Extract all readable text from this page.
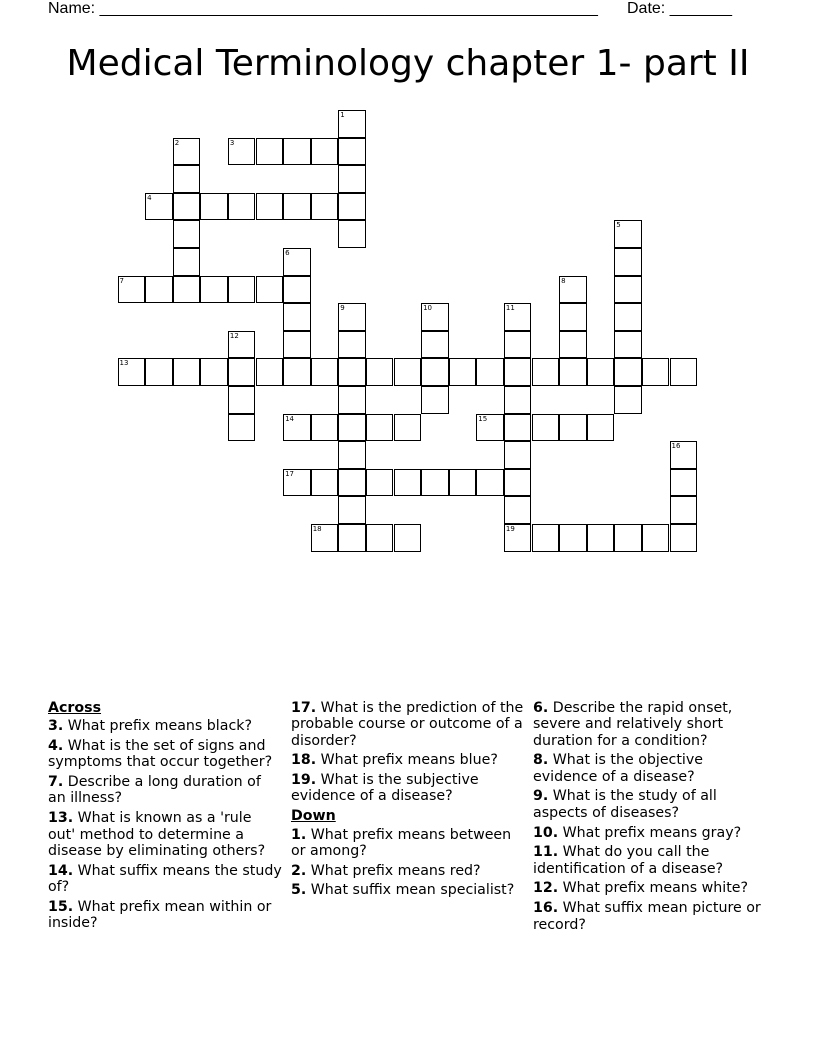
Name: ________________________________________________________ Date: _______
Medical Terminology chapter 1- part II
1
2	3
4
5
6
7	8
9	10	11
12
13
14	15
16
17
18	19
Across
3. What prefix means black?
4. What is the set of signs and symptoms that occur together?
7. Describe a long duration of an illness?
13. What is known as a 'rule out' method to determine a disease by eliminating others?
14. What suffix means the study of?
15. What prefix mean within or inside?
17. What is the prediction of the probable course or outcome of a disorder?
18. What prefix means blue?
19. What is the subjective evidence of a disease?
Down
1. What prefix means between or among?
2. What prefix means red?
5. What suffix mean specialist?
6. Describe the rapid onset, severe and relatively short duration for a condition?
8. What is the objective evidence of a disease?
9. What is the study of all aspects of diseases?
10. What prefix means gray?
11. What do you call the identification of a disease?
12. What prefix means white?
16. What suffix mean picture or record?
